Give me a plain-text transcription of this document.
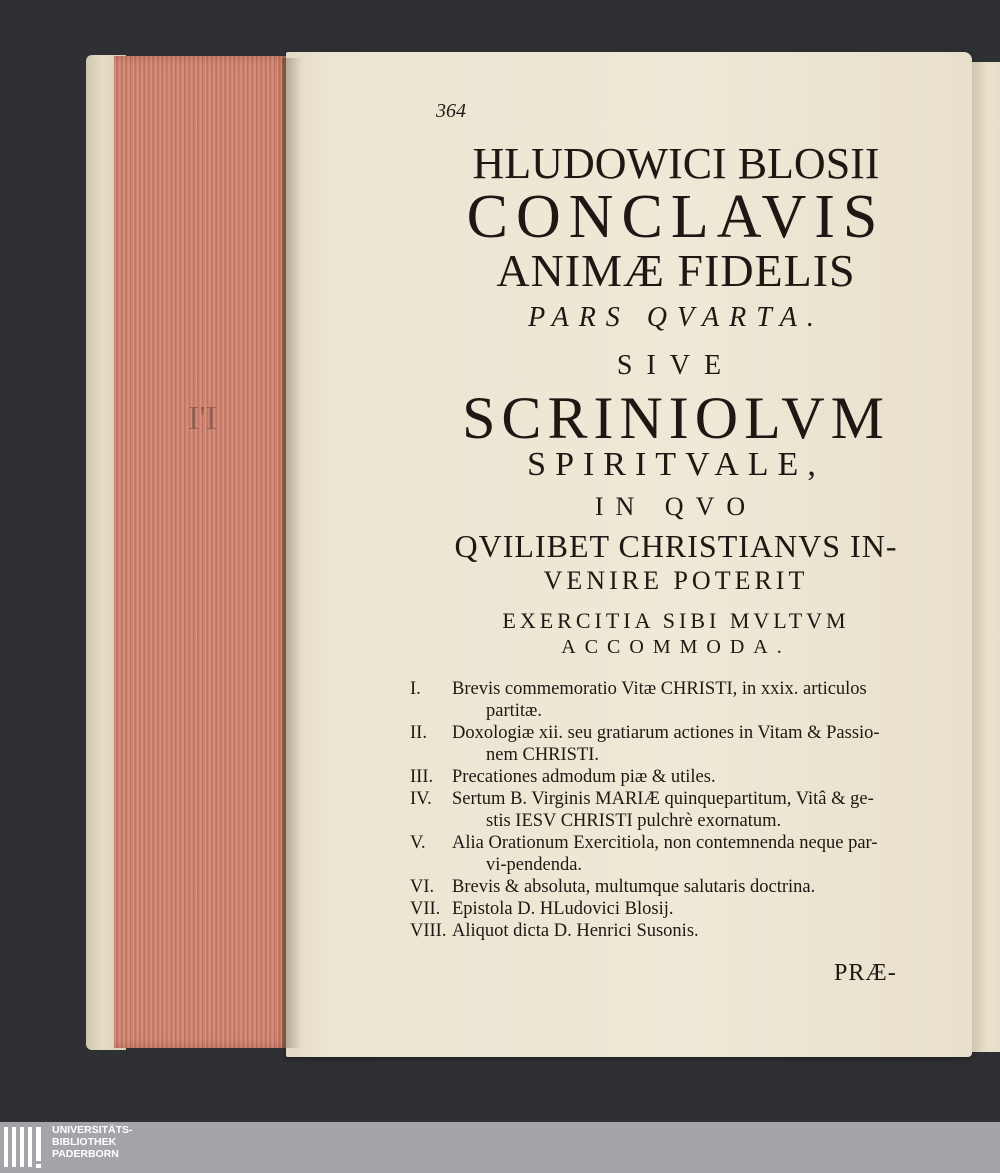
I'I
364
HLUDOWICI BLOSII
CONCLAVIS
ANIMÆ FIDELIS
PARS QVARTA.
SIVE
SCRINIOLVM
SPIRITVALE,
IN QVO
QVILIBET CHRISTIANVS IN-
VENIRE POTERIT
EXERCITIA SIBI MVLTVM
ACCOMMODA.
I.	Brevis commemoratio Vitæ CHRISTI, in xxix. articulos
partitæ.
II.	Doxologiæ xii. seu gratiarum actiones in Vitam & Passio-
nem CHRISTI.
III.	Precationes admodum piæ & utiles.
IV.	Sertum B. Virginis MARIÆ quinquepartitum, Vitâ & ge-
stis IESV CHRISTI pulchrè exornatum.
V.	Alia Orationum Exercitiola, non contemnenda neque par-
vi-pendenda.
VI. Brevis & absoluta, multumque salutaris doctrina.
VII. Epistola D. HLudovici Blosij.
VIII. Aliquot dicta D. Henrici Susonis.
PRÆ-
UNIVERSITÄTS-
BIBLIOTHEK
PADERBORN
